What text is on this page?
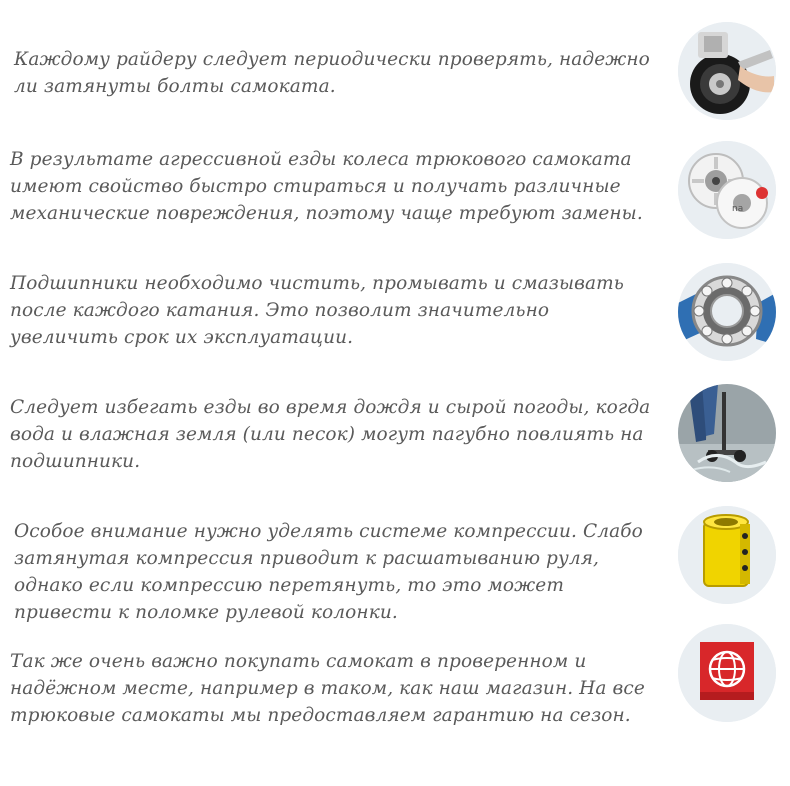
Каждому райдеру следует периодически проверять, надежно
ли затянуты болты самоката.

В результате агрессивной езды колеса трюкового самоката
имеют свойство быстро стираться и получать различные
механические повреждения, поэтому чаще требуют замены.	na

Подшипники необходимо чистить, промывать и смазывать
после каждого катания. Это позволит значительно
увеличить срок их эксплуатации.

Следует избегать езды во время дождя и сырой погоды, когда
вода и влажная земля (или песок) могут пагубно повлиять на
подшипники.

Особое внимание нужно уделять системе компрессии. Слабо
затянутая компрессия приводит к расшатыванию руля,
однако если компрессию перетянуть, то это может
привести к поломке рулевой колонки.

Так же очень важно покупать самокат в проверенном и
надёжном месте, например в таком, как наш магазин. На все
трюковые самокаты мы предоставляем гарантию на сезон.
